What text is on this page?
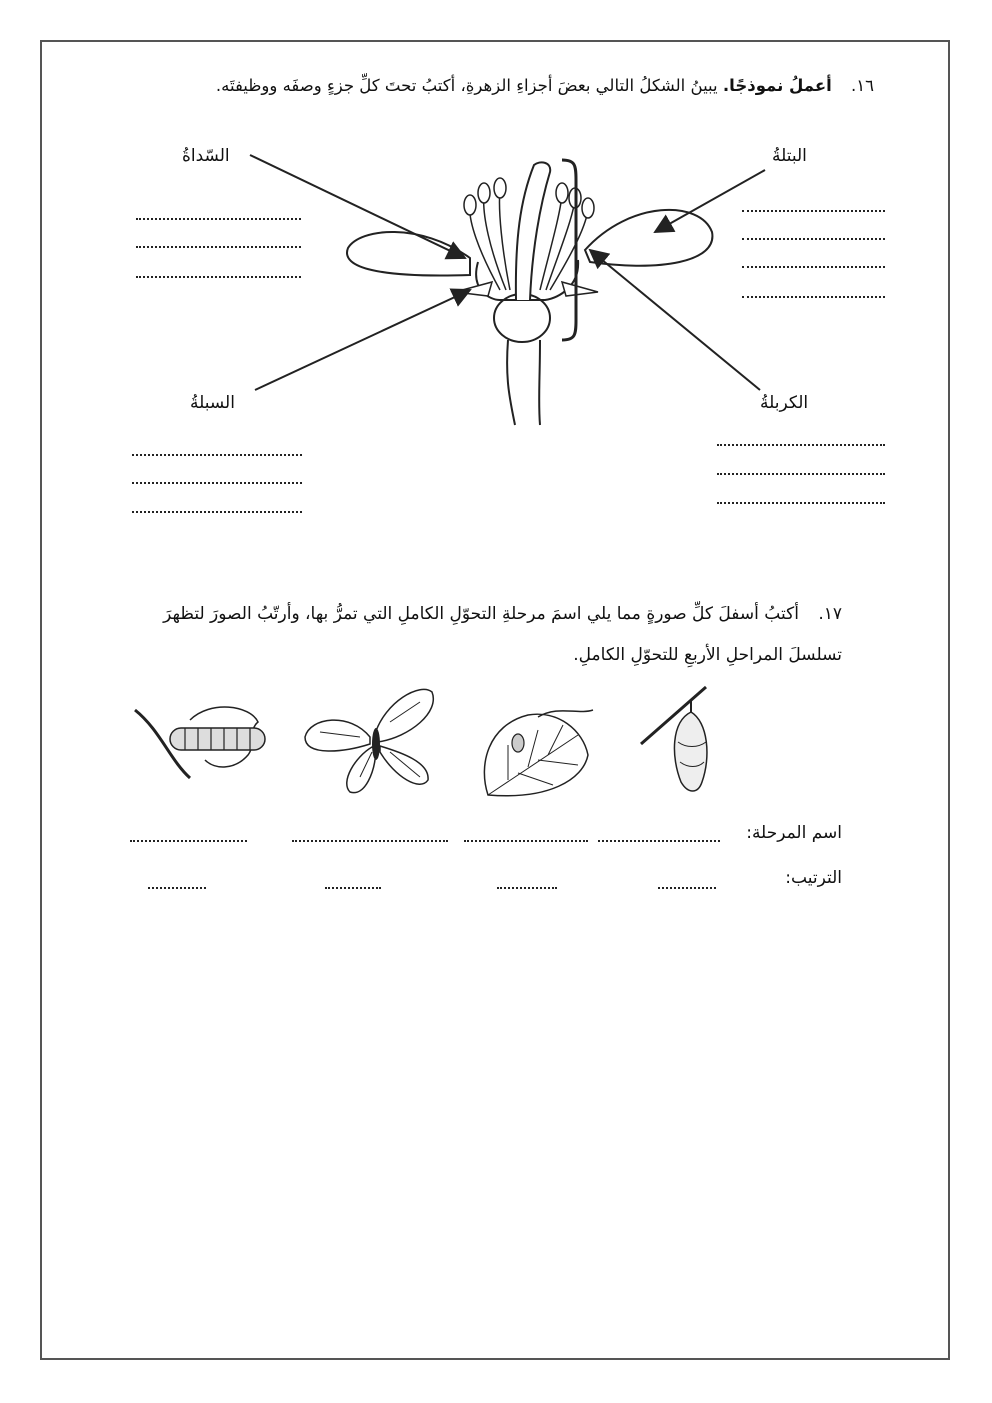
١٦. أعملُ نموذجًا. يبينُ الشكلُ التالي بعضَ أجزاءِ الزهرةِ، أكتبُ تحتَ كلِّ جزءٍ وصفَه ووظيفتَه.
السّداةُ	البتلةُ
السبلةُ	الكربلةُ
١٧. أكتبُ أسفلَ كلِّ صورةٍ مما يلي اسمَ مرحلةِ التحوّلِ الكاملِ التي تمرُّ بها، وأرتّبُ الصورَ لتظهرَ
تسلسلَ المراحلِ الأربعِ للتحوّلِ الكاملِ.
اسم المرحلة:
الترتيب:
